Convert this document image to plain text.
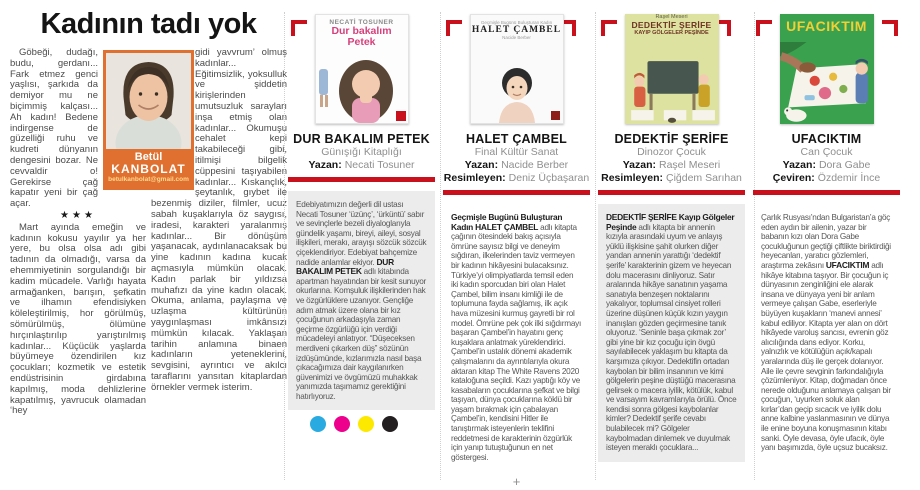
Kadının tadı yok

Göbeği, dudağı, budu, gerdanı... Fark etmez genci yaşlısı, şarkıda da demiyor mu ne biçimmiş kalçası... Ah kadın! Bedene indirgense de güzelliği ruhu ve kudreti dünyanın dengesini bozar. Ne cevvaldir o! Gerekirse çağ kapatır yeni bir çağ açar.

★★★

Mart ayında emeğin ve kadının kokusu yayılır ya her yere, bu olsa olsa adı gibi tadının da olmadığı, varsa da ehemmiyetinin sorgulandığı bir kadim mücadele. Varlığı hayata armağanken, barışın, şefkatin ve ilhamın efendisiyken köleleştirilmiş, hor görülmüş, sömürülmüş, ölümüne hırçınlaştırılıp yarıştırılmış kadınlar... Küçücük yaşlarda büyümeye özendirilen kız çocukları; kozmetik ve estetik endüstrisinin girdabına kapılmış, moda dehlizlerine kapatılmış, yavrucuk olamadan ‘hey

gidi yavvrum’ olmuş kadınlar... Eğitimsizlik, yoksulluk ve şiddetin kirişlerinden umutsuzluk sarayları inşa etmiş olan kadınlar... Okumuşu cehalet kepi takabileceği gibi, itilmişi bilgelik cüppesini taşıyabilen kadınlar... Kıskançlık, şeytanlık, gıybet ile bezenmiş diziler, filmler, ucuz sabah kuşaklarıyla öz saygısı, iradesi, karakteri yaralanmış kadınlar... Bir dönüşüm yaşanacak, aydınlanacaksak bu yine kadının kadına kucak açmasıyla mümkün olacak. Kadın parlak bir yıldızsa muhafızı da yine kadın olacak. Okuma, anlama, paylaşma ve uzlaşma kültürünün yaygınlaşması imkânsızı mümkün kılacak. Yaklaşan tarihin anlamına binaen kadınların yeteneklerini, sevgisini, ayrıntıcı ve akılcı taraflarını yansıtan kitaplardan örnekler vermek isterim.

Betül
KANBOLAT
betulkanbolat@gmail.com
NECATİ TOSUNER
Dur bakalım
Petek
DUR BAKALIM PETEK
Günışığı Kitaplığı
Yazan: Necati Tosuner
Edebiyatımızın değerli dil ustası Necati Tosuner ‘üzünç’, ‘ürküntü’ sabır ve sevinçlerle bezeli diyaloglarıyla gündelik yaşamı, bireyi, aileyi, sosyal ilişkileri, merakı, arayışı sözcük sözcük çiçeklendiriyor. Edebiyat bahçemize nadide anlamlar ekiyor. DUR BAKALIM PETEK adlı kitabında apartman hayatından bir kesit sunuyor okurlarına. Komşuluk ilişkilerinden hak ve özgürlüklere uzanıyor. Gençliğe adım atmak üzere olana bir kız çocuğunun arkadaşıyla zaman geçirme özgürlüğü için verdiği mücadeleyi anlatıyor. “Düşeceksen merdiveni çıkarken düş” sözünün izdüşümünde, kızlarımızla nasıl başa çıkacağımıza dair kaygılanırken güvenimizi ve övgümüzü muhakkak yanımızda taşımamız gerektiğini hatırlıyoruz.
Geçmişle Bugünü Buluşturan Kadın
HALET ÇAMBEL
Nacide Berber
HALET ÇAMBEL
Final Kültür Sanat
Yazan: Nacide Berber
Resimleyen: Deniz Üçbaşaran
Geçmişle Bugünü Buluşturan Kadın HALET ÇAMBEL adlı kitapta çağının ötesindeki bakış açısıyla ömrüne sayısız bilgi ve deneyim sığdıran, ilkelerinden taviz vermeyen bir kadının hikâyesini bulacaksınız. Türkiye’yi olimpiyatlarda temsil eden iki kadın sporcudan biri olan Halet Çambel, bilim insanı kimliği ile de toplumuna fayda sağlamış, ilk açık hava müzesini kurmuş gayretli bir rol model. Ömrüne pek çok ilki sığdırmayı başaran Çambel’in hayatını genç kuşaklara anlatmak yüreklendirici. Çambel’in ustalık dönemi akademik çalışmalarını da ayrıntılarıyla okura aktaran kitap The White Ravens 2020 kataloğuna seçildi. Kazı yaptığı köy ve kasabaların çocuklarına şefkat ve bilgi taşıyan, dünya çocuklarına köklü bir yaşam bırakmak için çabalayan Çambel’in, kendisini Hitler ile tanıştırmak isteyenlerin teklifini reddetmesi de karakterinin özgürlük için yanıp tutuştuğunun en net göstergesi.
+
Raşel Meseri
DEDEKTİF ŞERİFE
KAYIP GÖLGELER PEŞİNDE
DEDEKTİF ŞERİFE
Dinozor Çocuk
Yazan: Raşel Meseri
Resimleyen: Çiğdem Sarıhan
DEDEKTİF ŞERİFE Kayıp Gölgeler Peşinde adlı kitapta bir annenin kızıyla arasındaki uyum ve anlayış yüklü ilişkisine şahit olurken diğer yandan annenin yarattığı ‘dedektif şerife’ karakterinin gizem ve heyecan dolu macerasını dinliyoruz. Satır aralarında hikâye sanatının yaşama sanatıyla benzeşen noktalarını yakalıyor, toplumsal cinsiyet rolleri üzerine düşünen küçük kızın yaygın inanışları gözden geçirmesine tanık oluyoruz. ‘Seninle başa çıkmak zor’ gibi yine bir kız çocuğu için övgü sayılabilecek yaklaşım bu kitapta da karşımıza çıkıyor. Dedektifin ortadan kaybolan bir bilim insanının ve kimi gölgelerin peşine düştüğü macerasına gelirsek o macera iyilik, kötülük, kabul ve varsayım kavramlarıyla örülü. Önce kendisi sonra gölgesi kaybolanlar kimler? Dedektif şerife cevabı bulabilecek mi? Gölgeler kaybolmadan dinlemek ve duyulmak isteyen meraklı çocuklara...

UFACIKTIM
UFACIKTIM
Can Çocuk
Yazan: Dora Gabe
Çeviren: Özdemir İnce
Çarlık Rusyası’ndan Bulgaristan’a göç eden aydın bir ailenin, yazar bir babanın kızı olan Dora Gabe çocukluğunun geçtiği çiftlikte biriktirdiği heyecanları, yaratıcı gözlemleri, araştırma zekâsını UFACIKTIM adlı hikâye kitabına taşıyor. Bir çocuğun iç dünyasının zenginliğini ele alarak insana ve dünyaya yeni bir anlam vermeye çalışan Gabe, eserleriyle büyüyen kuşakların ‘manevi annesi’ kabul ediliyor. Kitapta yer alan on dört hikâyede varoluş sancısı, evrenin göz alıcılığında dans ediyor. Korku, yalnızlık ve kötülüğün açık/kapalı yaralarında düş ile gerçek dolanıyor. Aile ile çevre sevginin farkındalığıyla çözümleniyor. Kitap, doğmadan önce nerede olduğunu anlamaya çalışan bir çocuğun, ‘uyurken soluk alan kırlar’dan geçip sıcacık ve iyilik dolu anne kalbine yaslanmasının ve dünya ile enine boyuna konuşmasının kitabı sanki. Öyle devasa, öyle ufacık, öyle yanı başımızda, öyle uçsuz bucaksız.
